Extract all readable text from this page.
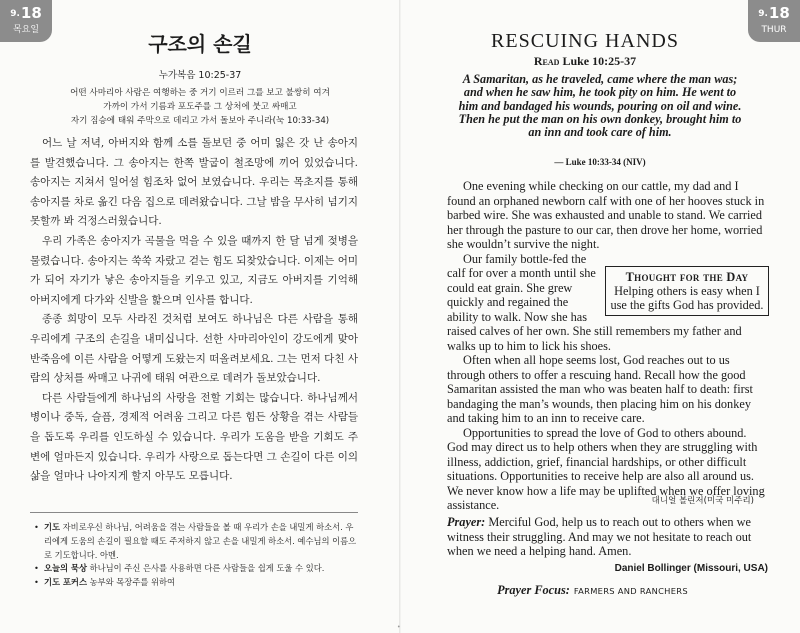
9.18
목요일
구조의 손길
누가복음 10:25-37
어떤 사마리아 사람은 여행하는 중 거기 이르러 그를 보고 불쌍히 여겨
가까이 가서 기름과 포도주를 그 상처에 붓고 싸매고
자기 짐승에 태워 주막으로 데리고 가서 돌보아 주니라(눅 10:33-34)

어느 날 저녁, 아버지와 함께 소를 돌보던 중 어미 잃은 갓 난 송아지를 발견했습니다. 그 송아지는 한쪽 발굽이 철조망에 끼어 있었습니다. 송아지는 지쳐서 일어설 힘조차 없어 보였습니다. 우리는 목초지를 통해 송아지를 차로 옮긴 다음 집으로 데려왔습니다. 그날 밤을 무사히 넘기지 못할까 봐 걱정스러웠습니다.

우리 가족은 송아지가 곡물을 먹을 수 있을 때까지 한 달 넘게 젖병을 물렸습니다. 송아지는 쑥쑥 자랐고 걷는 힘도 되찾았습니다. 이제는 어미가 되어 자기가 낳은 송아지들을 키우고 있고, 지금도 아버지를 기억해 아버지에게 다가와 신발을 핥으며 인사를 합니다.

종종 희망이 모두 사라진 것처럼 보여도 하나님은 다른 사람을 통해 우리에게 구조의 손길을 내미십니다. 선한 사마리아인이 강도에게 맞아 반죽음에 이른 사람을 어떻게 도왔는지 떠올려보세요. 그는 먼저 다친 사람의 상처를 싸매고 나귀에 태워 여관으로 데려가 돌보았습니다.

다른 사람들에게 하나님의 사랑을 전할 기회는 많습니다. 하나님께서 병이나 중독, 슬픔, 경제적 어려움 그리고 다른 힘든 상황을 겪는 사람들을 돕도록 우리를 인도하실 수 있습니다. 우리가 도움을 받을 기회도 주변에 얼마든지 있습니다. 우리가 사랑으로 돕는다면 그 손길이 다른 이의 삶을 얼마나 나아지게 할지 아무도 모릅니다.

대니얼 볼린저(미국 미주리)
• 기도 자비로우신 하나님, 어려움을 겪는 사람들을 볼 때 우리가 손을 내밀게 하소서. 우리에게 도움의 손길이 필요할 때도 주저하지 않고 손을 내밀게 하소서. 예수님의 이름으로 기도합니다. 아멘.
• 오늘의 묵상 하나님이 주신 은사를 사용하면 다른 사람들을 쉽게 도울 수 있다.
• 기도 포커스 농부와 목장주를 위하여
9.18
THUR
RESCUING HANDS
Read Luke 10:25-37
A Samaritan, as he traveled, came where the man was; and when he saw him, he took pity on him. He went to him and bandaged his wounds, pouring on oil and wine. Then he put the man on his own donkey, brought him to an inn and took care of him.
— Luke 10:33-34 (NIV)

One evening while checking on our cattle, my dad and I found an orphaned newborn calf with one of her hooves stuck in barbed wire. She was exhausted and unable to stand. We carried her through the pasture to our car, then drove her home, worried she wouldn’t survive the night.

Thought for the Day
Helping others is easy when I use the gifts God has provided.
Our family bottle-fed the calf for over a month until she could eat grain. She grew quickly and regained the ability to walk. Now she has raised calves of her own. She still remembers my father and walks up to him to lick his shoes.

Often when all hope seems lost, God reaches out to us through others to offer a rescuing hand. Recall how the good Samaritan assisted the man who was beaten half to death: first bandaging the man’s wounds, then placing him on his donkey and taking him to an inn to receive care.

Opportunities to spread the love of God to others abound. God may direct us to help others when they are struggling with illness, addiction, grief, financial hardships, or other difficult situations. Opportunities to receive help are also all around us. We never know how a life may be uplifted when we offer loving assistance.

Prayer: Merciful God, help us to reach out to others when we witness their struggling. And may we not hesitate to reach out when we need a helping hand. Amen.
Daniel Bollinger (Missouri, USA)
Prayer Focus: FARMERS AND RANCHERS
•
